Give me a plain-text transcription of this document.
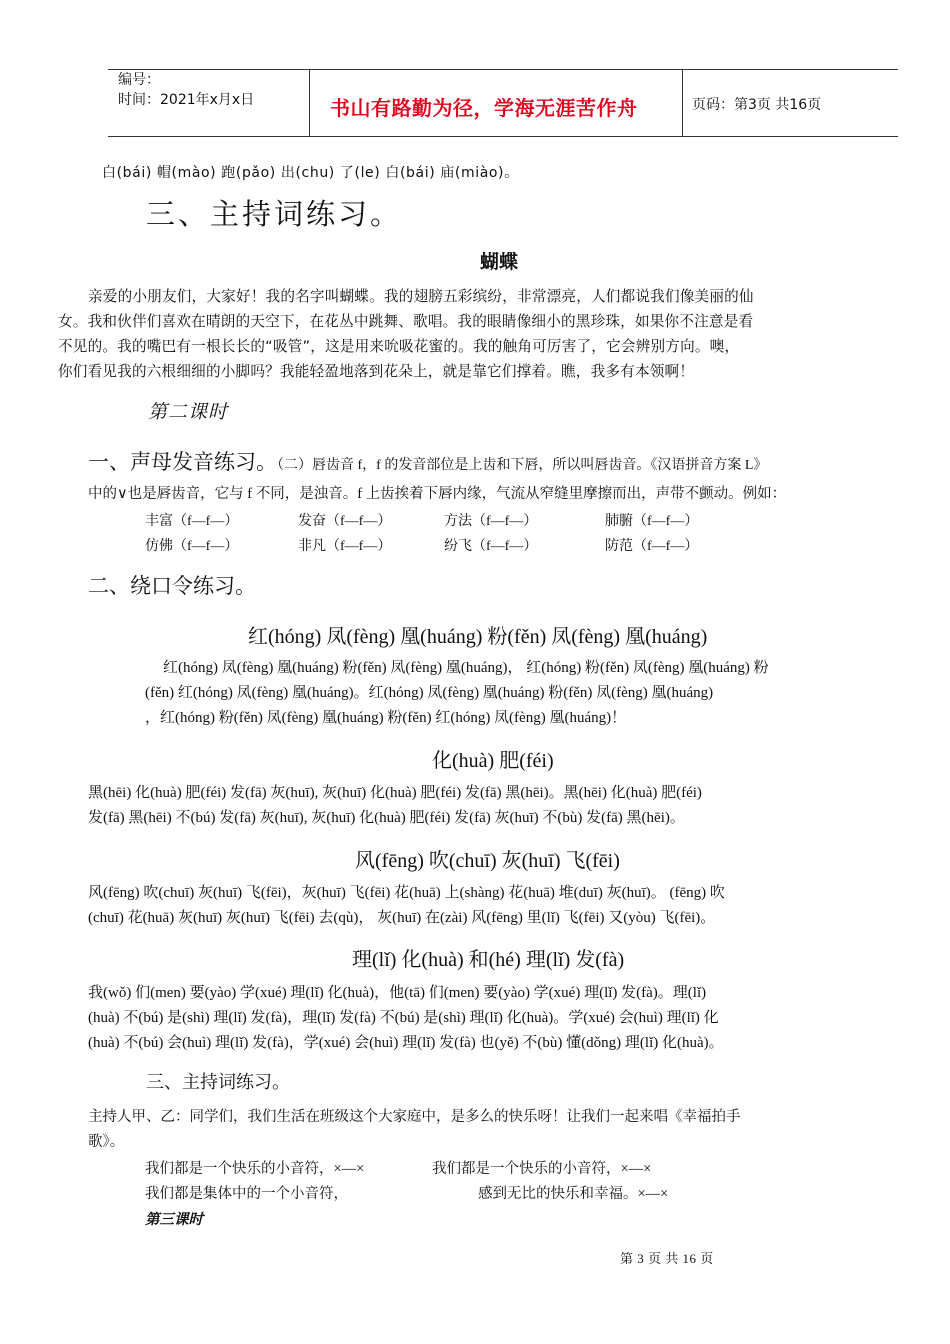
编号：
时间：2021年x月x日	书山有路勤为径，学海无涯苦作舟	页码：第3页 共16页
白(bái) 帽(mào) 跑(pǎo) 出(chu) 了(le) 白(bái) 庙(miào)。
三、主持词练习。
蝴蝶
亲爱的小朋友们，大家好！我的名字叫蝴蝶。我的翅膀五彩缤纷，非常漂亮，人们都说我们像美丽的仙
女。我和伙伴们喜欢在晴朗的天空下，在花丛中跳舞、歌唱。我的眼睛像细小的黑珍珠，如果你不注意是看
不见的。我的嘴巴有一根长长的“吸管”，这是用来吮吸花蜜的。我的触角可厉害了，它会辨别方向。噢，
你们看见我的六根细细的小脚吗？我能轻盈地落到花朵上，就是靠它们撑着。瞧，我多有本领啊！
第二课时
一、声母发音练习。（二）唇齿音 f，f 的发音部位是上齿和下唇，所以叫唇齿音。《汉语拼音方案 L》
中的∨也是唇齿音，它与 f 不同，是浊音。f 上齿挨着下唇内缘，气流从窄缝里摩擦而出，声带不颤动。例如：
丰富（f—f—）	发奋（f—f—）	方法（f—f—）	肺腑（f—f—）
仿佛（f—f—）	非凡（f—f—）	纷飞（f—f—）	防范（f—f—）
二、绕口令练习。
红(hóng) 凤(fèng) 凰(huáng) 粉(fěn) 凤(fèng) 凰(huáng)
红(hóng) 凤(fèng) 凰(huáng) 粉(fěn) 凤(fèng) 凰(huáng)， 红(hóng) 粉(fěn) 凤(fèng) 凰(huáng) 粉
(fěn) 红(hóng) 凤(fèng) 凰(huáng)。红(hóng) 凤(fèng) 凰(huáng) 粉(fěn) 凤(fèng) 凰(huáng)
，红(hóng) 粉(fěn) 凤(fèng) 凰(huáng) 粉(fěn) 红(hóng) 凤(fèng) 凰(huáng)！
化(huà) 肥(féi)
黑(hēi) 化(huà) 肥(féi) 发(fā) 灰(huī), 灰(huī) 化(huà) 肥(féi) 发(fā) 黑(hēi)。黑(hēi) 化(huà) 肥(féi)
发(fā) 黑(hēi) 不(bú) 发(fā) 灰(huī), 灰(huī) 化(huà) 肥(féi) 发(fā) 灰(huī) 不(bù) 发(fā) 黑(hēi)。
风(fēng) 吹(chuī) 灰(huī) 飞(fēi)
风(fēng) 吹(chuī) 灰(huī) 飞(fēi)，灰(huī) 飞(fēi) 花(huā) 上(shàng) 花(huā) 堆(duī) 灰(huī)。 (fēng) 吹
(chuī) 花(huā) 灰(huī) 灰(huī) 飞(fēi) 去(qù)， 灰(huī) 在(zài) 风(fēng) 里(lǐ) 飞(fēi) 又(yòu) 飞(fēi)。
理(lǐ) 化(huà) 和(hé) 理(lǐ) 发(fà)
我(wǒ) 们(men) 要(yào) 学(xué) 理(lǐ) 化(huà)，他(tā) 们(men) 要(yào) 学(xué) 理(lǐ) 发(fà)。理(lǐ)
(huà) 不(bú) 是(shì) 理(lǐ) 发(fà)，理(lǐ) 发(fà) 不(bú) 是(shì) 理(lǐ) 化(huà)。学(xué) 会(huì) 理(lǐ) 化
(huà) 不(bú) 会(huì) 理(lǐ) 发(fà)，学(xué) 会(huì) 理(lǐ) 发(fà) 也(yě) 不(bù) 懂(dǒng) 理(lǐ) 化(huà)。
三、主持词练习。
主持人甲、乙：同学们，我们生活在班级这个大家庭中，是多么的快乐呀！让我们一起来唱《幸福拍手
歌》。
我们都是一个快乐的小音符，×—×	我们都是一个快乐的小音符，×—×
我们都是集体中的一个小音符，	感到无比的快乐和幸福。×—×
第三课时
第 3 页 共 16 页
